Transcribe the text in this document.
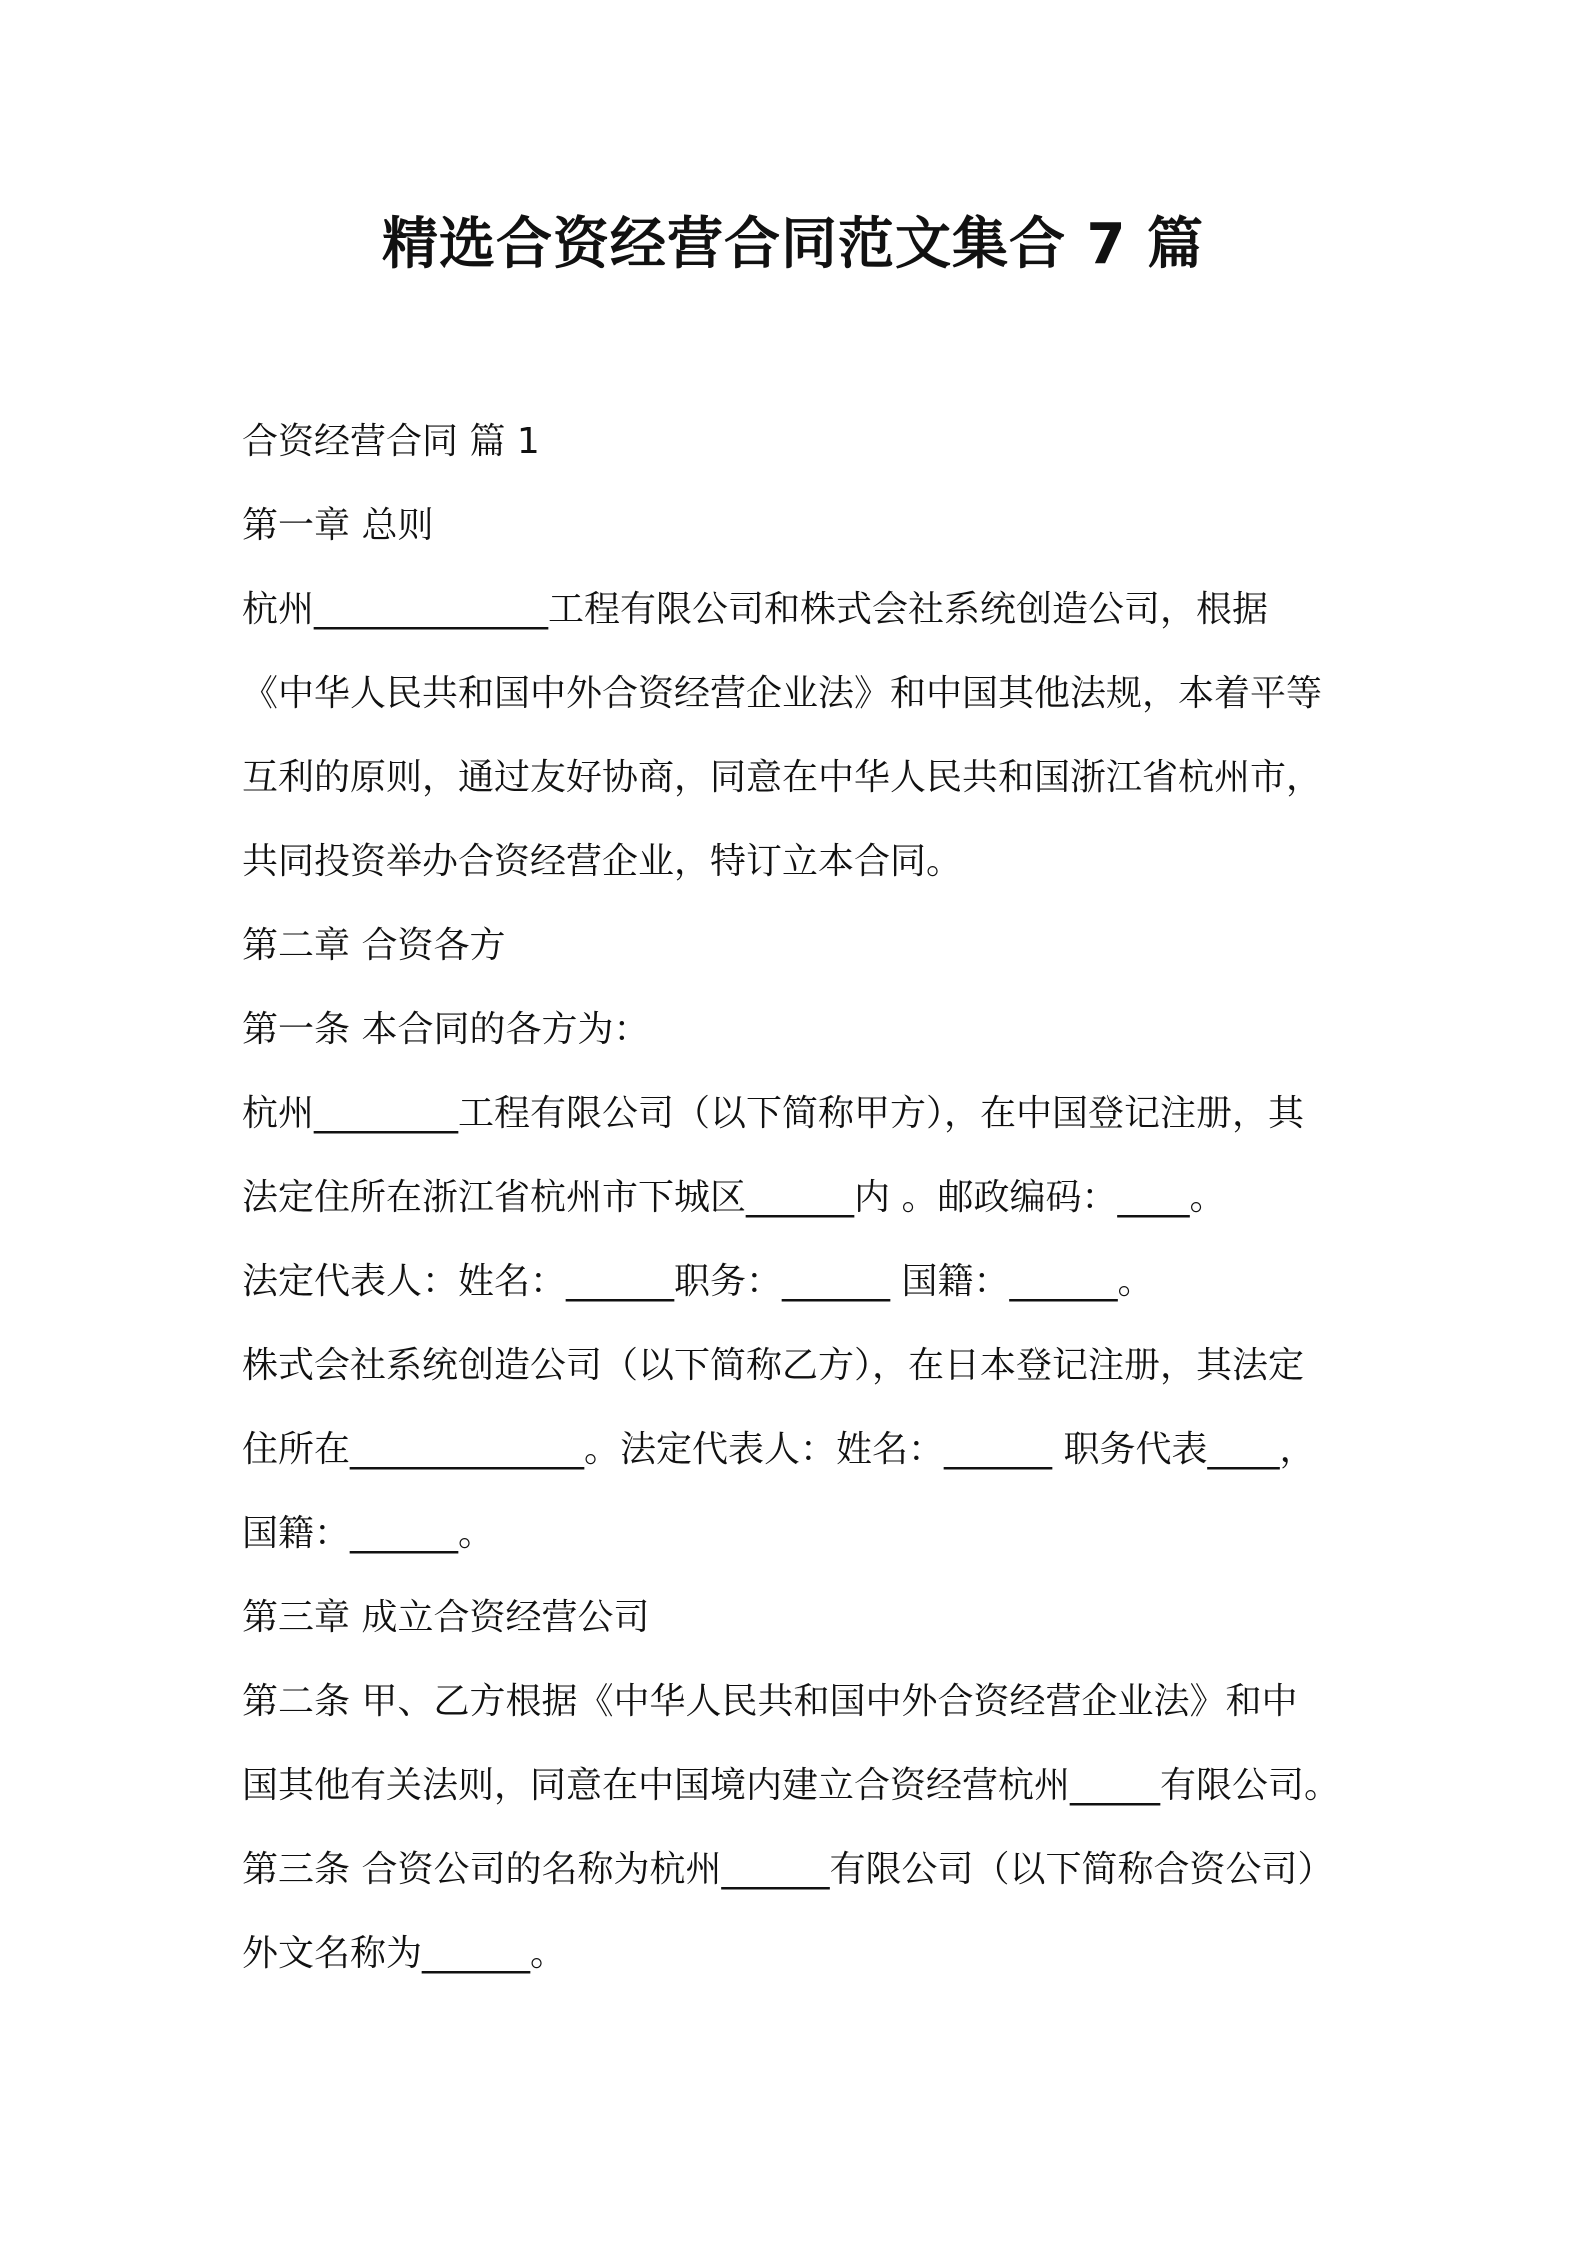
精选合资经营合同范文集合 7 篇
合资经营合同 篇 1
第一章 总则
杭州_____________工程有限公司和株式会社系统创造公司，根据
《中华人民共和国中外合资经营企业法》和中国其他法规，本着平等
互利的原则，通过友好协商，同意在中华人民共和国浙江省杭州市，
共同投资举办合资经营企业，特订立本合同。
第二章 合资各方
第一条 本合同的各方为：
杭州________工程有限公司（以下简称甲方），在中国登记注册，其
法定住所在浙江省杭州市下城区______内 。邮政编码：____。
法定代表人：姓名：______职务：______ 国籍：______。
株式会社系统创造公司（以下简称乙方），在日本登记注册，其法定
住所在_____________。法定代表人：姓名：______ 职务代表____，
国籍：______。
第三章 成立合资经营公司
第二条 甲、乙方根据《中华人民共和国中外合资经营企业法》和中
国其他有关法则，同意在中国境内建立合资经营杭州_____有限公司。
第三条 合资公司的名称为杭州______有限公司（以下简称合资公司）
外文名称为______。
